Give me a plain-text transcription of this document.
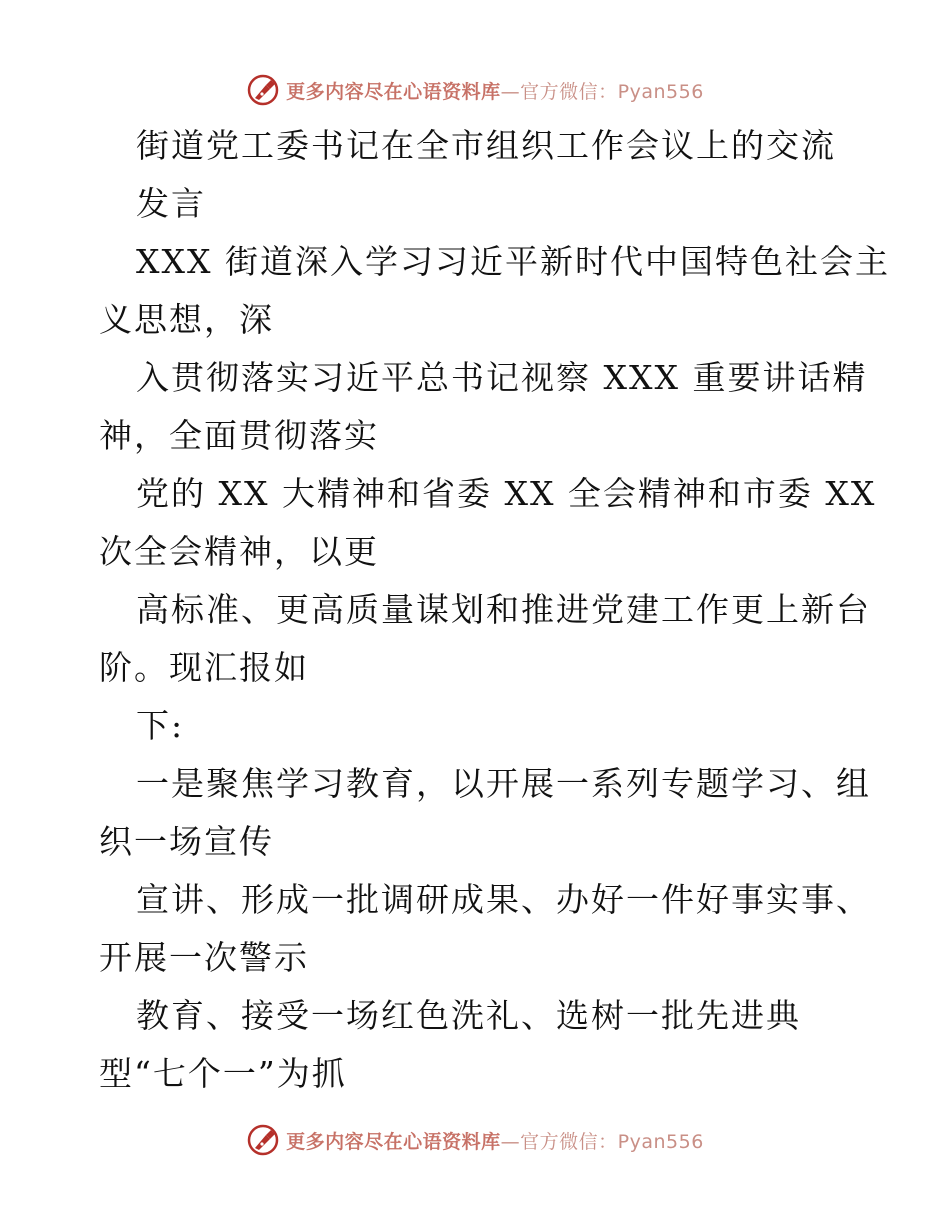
更多内容尽在心语资料库—官方微信：Pyan556
街道党工委书记在全市组织工作会议上的交流
发言
XXX 街道深入学习习近平新时代中国特色社会主
义思想，深
入贯彻落实习近平总书记视察 XXX 重要讲话精
神，全面贯彻落实
党的 XX 大精神和省委 XX 全会精神和市委 XX
次全会精神，以更
高标准、更高质量谋划和推进党建工作更上新台
阶。现汇报如
下:
一是聚焦学习教育，以开展一系列专题学习、组
织一场宣传
宣讲、形成一批调研成果、办好一件好事实事、
开展一次警示
教育、接受一场红色洗礼、选树一批先进典
型“七个一”为抓
更多内容尽在心语资料库—官方微信：Pyan556
